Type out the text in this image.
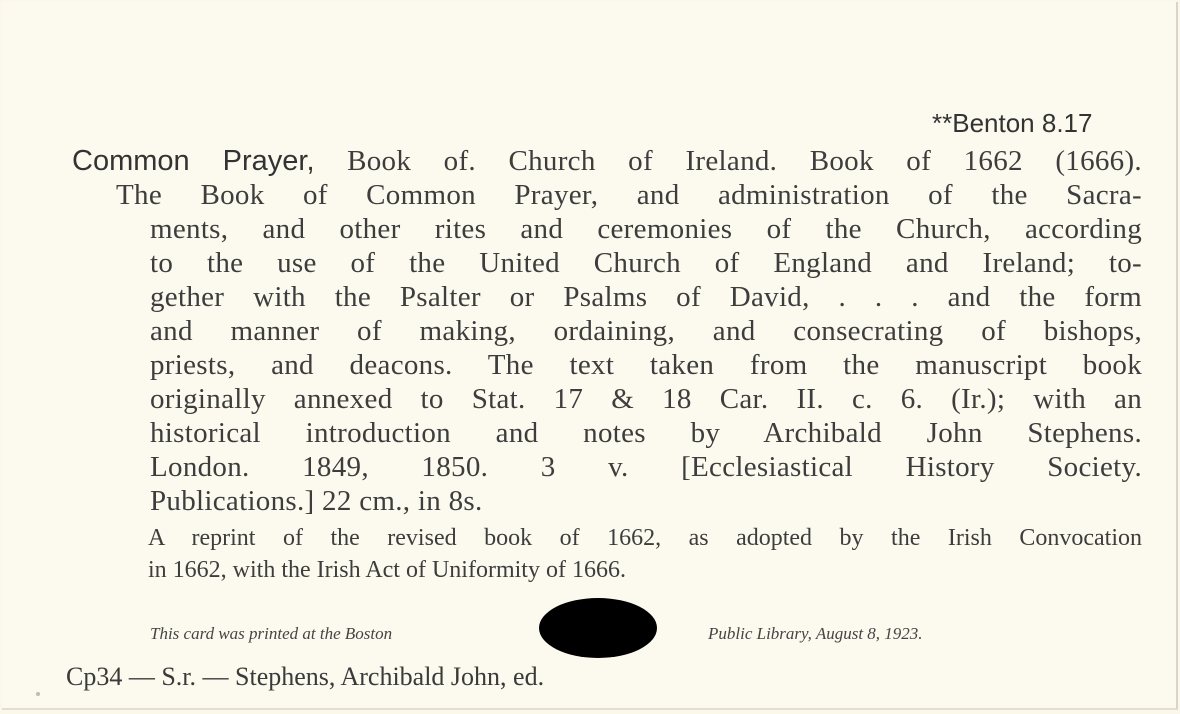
**Benton 8.17
Common Prayer, Book of. Church of Ireland. Book of 1662 (1666).
The Book of Common Prayer, and administration of the Sacra-
ments, and other rites and ceremonies of the Church, according
to the use of the United Church of England and Ireland; to-
gether with the Psalter or Psalms of David, . . . and the form
and manner of making, ordaining, and consecrating of bishops,
priests, and deacons. The text taken from the manuscript book
originally annexed to Stat. 17 & 18 Car. II. c. 6. (Ir.); with an
historical introduction and notes by Archibald John Stephens.
London. 1849, 1850. 3 v. [Ecclesiastical History Society.
Publications.] 22 cm., in 8s.
A reprint of the revised book of 1662, as adopted by the Irish Convocation
in 1662, with the Irish Act of Uniformity of 1666.
This card was printed at the Boston	Public Library, August 8, 1923.
Cp34 — S.r. — Stephens, Archibald John, ed.
